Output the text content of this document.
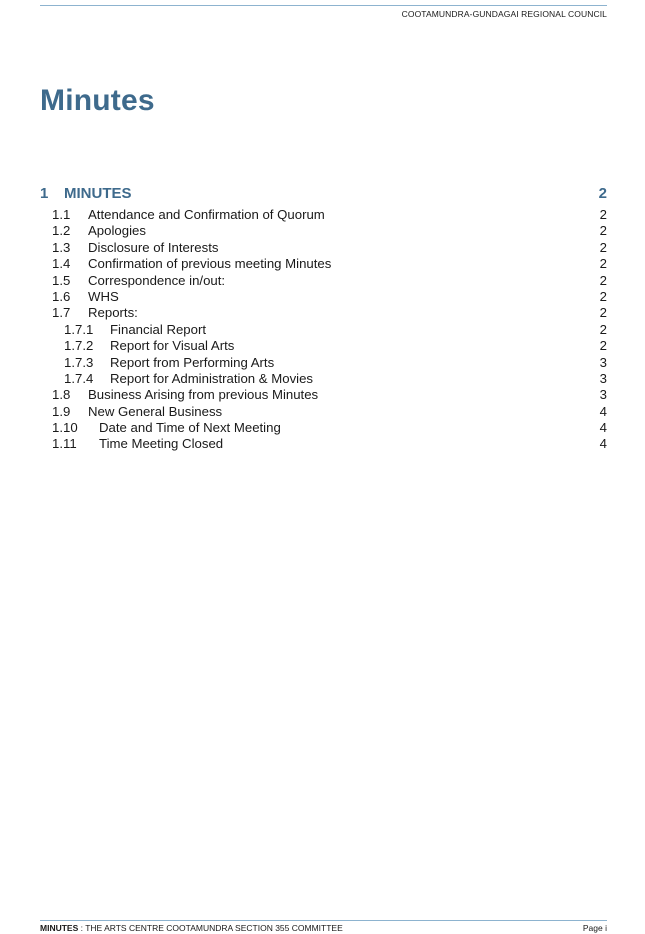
COOTAMUNDRA-GUNDAGAI REGIONAL COUNCIL
Minutes
1	MINUTES	2
1.1	Attendance and Confirmation of Quorum	2
1.2	Apologies	2
1.3	Disclosure of Interests	2
1.4	Confirmation of previous meeting Minutes	2
1.5	Correspondence in/out:	2
1.6	WHS	2
1.7	Reports:	2
1.7.1	Financial Report	2
1.7.2	Report for Visual Arts	2
1.7.3	Report from Performing Arts	3
1.7.4	Report for Administration & Movies	3
1.8	Business Arising from previous Minutes	3
1.9	New General Business	4
1.10	Date and Time of Next Meeting	4
1.11	Time Meeting Closed	4
MINUTES : THE ARTS CENTRE COOTAMUNDRA SECTION 355 COMMITTEE	Page i
